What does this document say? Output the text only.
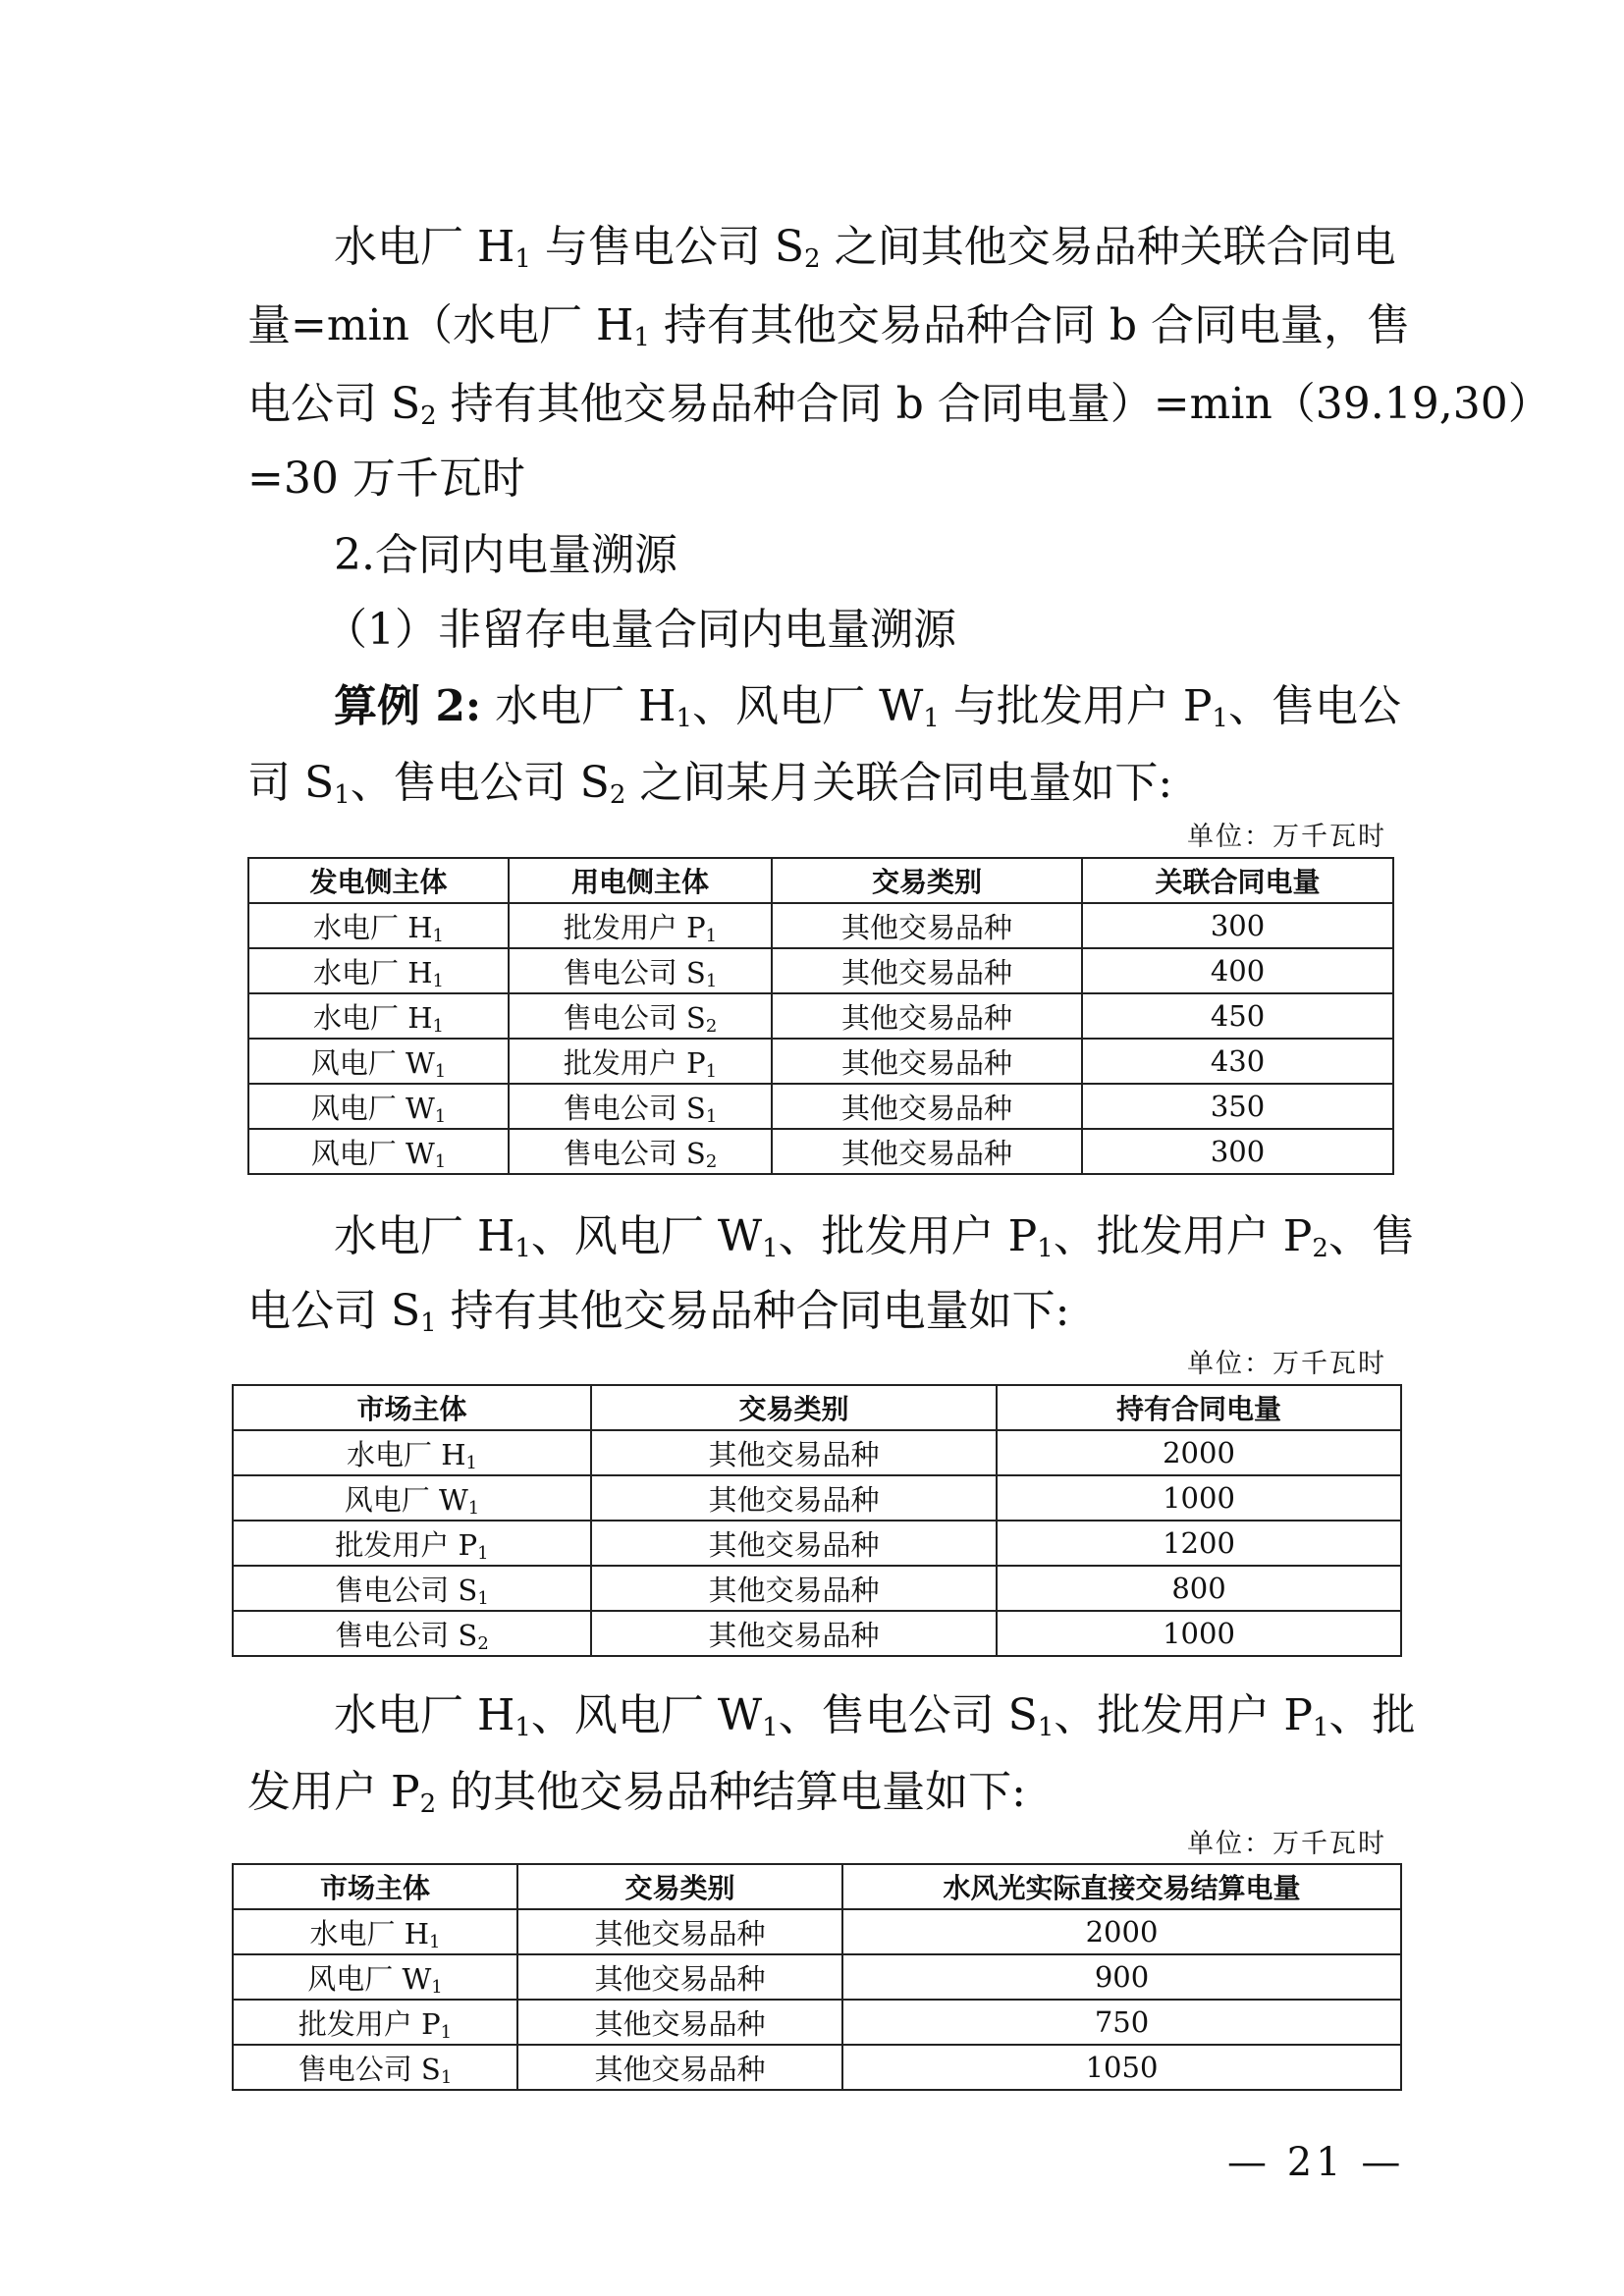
水电厂 $H_1$ 与售电公司 $S_2$ 之间其他交易品种关联合同电
量=min（水电厂 $H_1$ 持有其他交易品种合同 b 合同电量，售
电公司 $S_2$ 持有其他交易品种合同 b 合同电量）=min（39.19,30）
=30 万千瓦时
2.合同内电量溯源
（1）非留存电量合同内电量溯源
算例 2: 水电厂 $H_1$、风电厂 $W_1$ 与批发用户 $P_1$、售电公
司 $S_1$、售电公司 $S_2$ 之间某月关联合同电量如下:
单位：万千瓦时
发电侧主体	用电侧主体	交易类别	关联合同电量
水电厂 $H_1$	批发用户 $P_1$	其他交易品种	300
水电厂 $H_1$	售电公司 $S_1$	其他交易品种	400
水电厂 $H_1$	售电公司 $S_2$	其他交易品种	450
风电厂 $W_1$	批发用户 $P_1$	其他交易品种	430
风电厂 $W_1$	售电公司 $S_1$	其他交易品种	350
风电厂 $W_1$	售电公司 $S_2$	其他交易品种	300
水电厂 $H_1$、风电厂 $W_1$、批发用户 $P_1$、批发用户 $P_2$、售
电公司 $S_1$ 持有其他交易品种合同电量如下:
单位：万千瓦时
市场主体	交易类别	持有合同电量
水电厂 $H_1$	其他交易品种	2000
风电厂 $W_1$	其他交易品种	1000
批发用户 $P_1$	其他交易品种	1200
售电公司 $S_1$	其他交易品种	800
售电公司 $S_2$	其他交易品种	1000
水电厂 $H_1$、风电厂 $W_1$、售电公司 $S_1$、批发用户 $P_1$、批
发用户 $P_2$ 的其他交易品种结算电量如下:
单位：万千瓦时
市场主体	交易类别	水风光实际直接交易结算电量
水电厂 $H_1$	其他交易品种	2000
风电厂 $W_1$	其他交易品种	900
批发用户 $P_1$	其他交易品种	750
售电公司 $S_1$	其他交易品种	1050
— 21 —
